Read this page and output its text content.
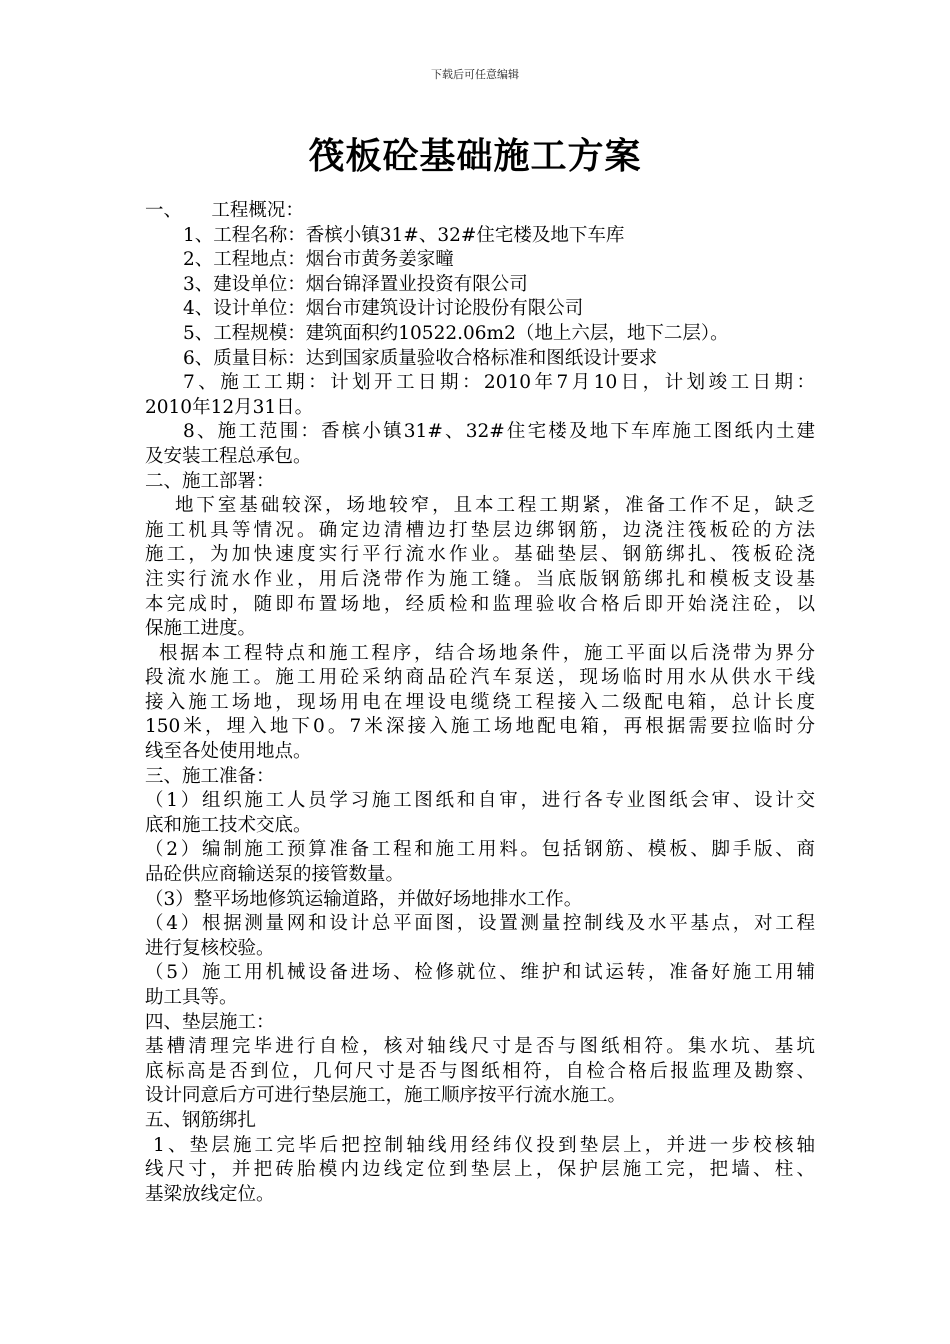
下载后可任意编辑
筏板砼基础施工方案
一、     工程概况：
1、工程名称：香槟小镇31#、32#住宅楼及地下车库
2、工程地点：烟台市黄务姜家疃
3、建设单位：烟台锦泽置业投资有限公司
4、设计单位：烟台市建筑设计讨论股份有限公司
5、工程规模：建筑面积约10522.06m2（地上六层，地下二层）。
6、质量目标：达到国家质量验收合格标准和图纸设计要求
7、施工工期：计划开工日期：2010年7月10日，计划竣工日期：
2010年12月31日。
8、施工范围：香槟小镇31#、32#住宅楼及地下车库施工图纸内土建
及安装工程总承包。
二、施工部署：
地下室基础较深，场地较窄，且本工程工期紧，准备工作不足，缺乏
施工机具等情况。确定边清槽边打垫层边绑钢筋，边浇注筏板砼的方法
施工，为加快速度实行平行流水作业。基础垫层、钢筋绑扎、筏板砼浇
注实行流水作业，用后浇带作为施工缝。当底版钢筋绑扎和模板支设基
本完成时，随即布置场地，经质检和监理验收合格后即开始浇注砼，以
保施工进度。
根据本工程特点和施工程序，结合场地条件，施工平面以后浇带为界分
段流水施工。施工用砼采纳商品砼汽车泵送，现场临时用水从供水干线
接入施工场地，现场用电在埋设电缆绕工程接入二级配电箱，总计长度
150米，埋入地下0。7米深接入施工场地配电箱，再根据需要拉临时分
线至各处使用地点。
三、施工准备：
（1）组织施工人员学习施工图纸和自审，进行各专业图纸会审、设计交
底和施工技术交底。
（2）编制施工预算准备工程和施工用料。包括钢筋、模板、脚手版、商
品砼供应商输送泵的接管数量。
（3）整平场地修筑运输道路，并做好场地排水工作。
（4）根据测量网和设计总平面图，设置测量控制线及水平基点，对工程
进行复核校验。
（5）施工用机械设备进场、检修就位、维护和试运转，准备好施工用辅
助工具等。
四、垫层施工：
基槽清理完毕进行自检，核对轴线尺寸是否与图纸相符。集水坑、基坑
底标高是否到位，几何尺寸是否与图纸相符，自检合格后报监理及勘察、
设计同意后方可进行垫层施工，施工顺序按平行流水施工。
五、钢筋绑扎
1、垫层施工完毕后把控制轴线用经纬仪投到垫层上，并进一步校核轴
线尺寸，并把砖胎模内边线定位到垫层上，保护层施工完，把墙、柱、
基梁放线定位。
